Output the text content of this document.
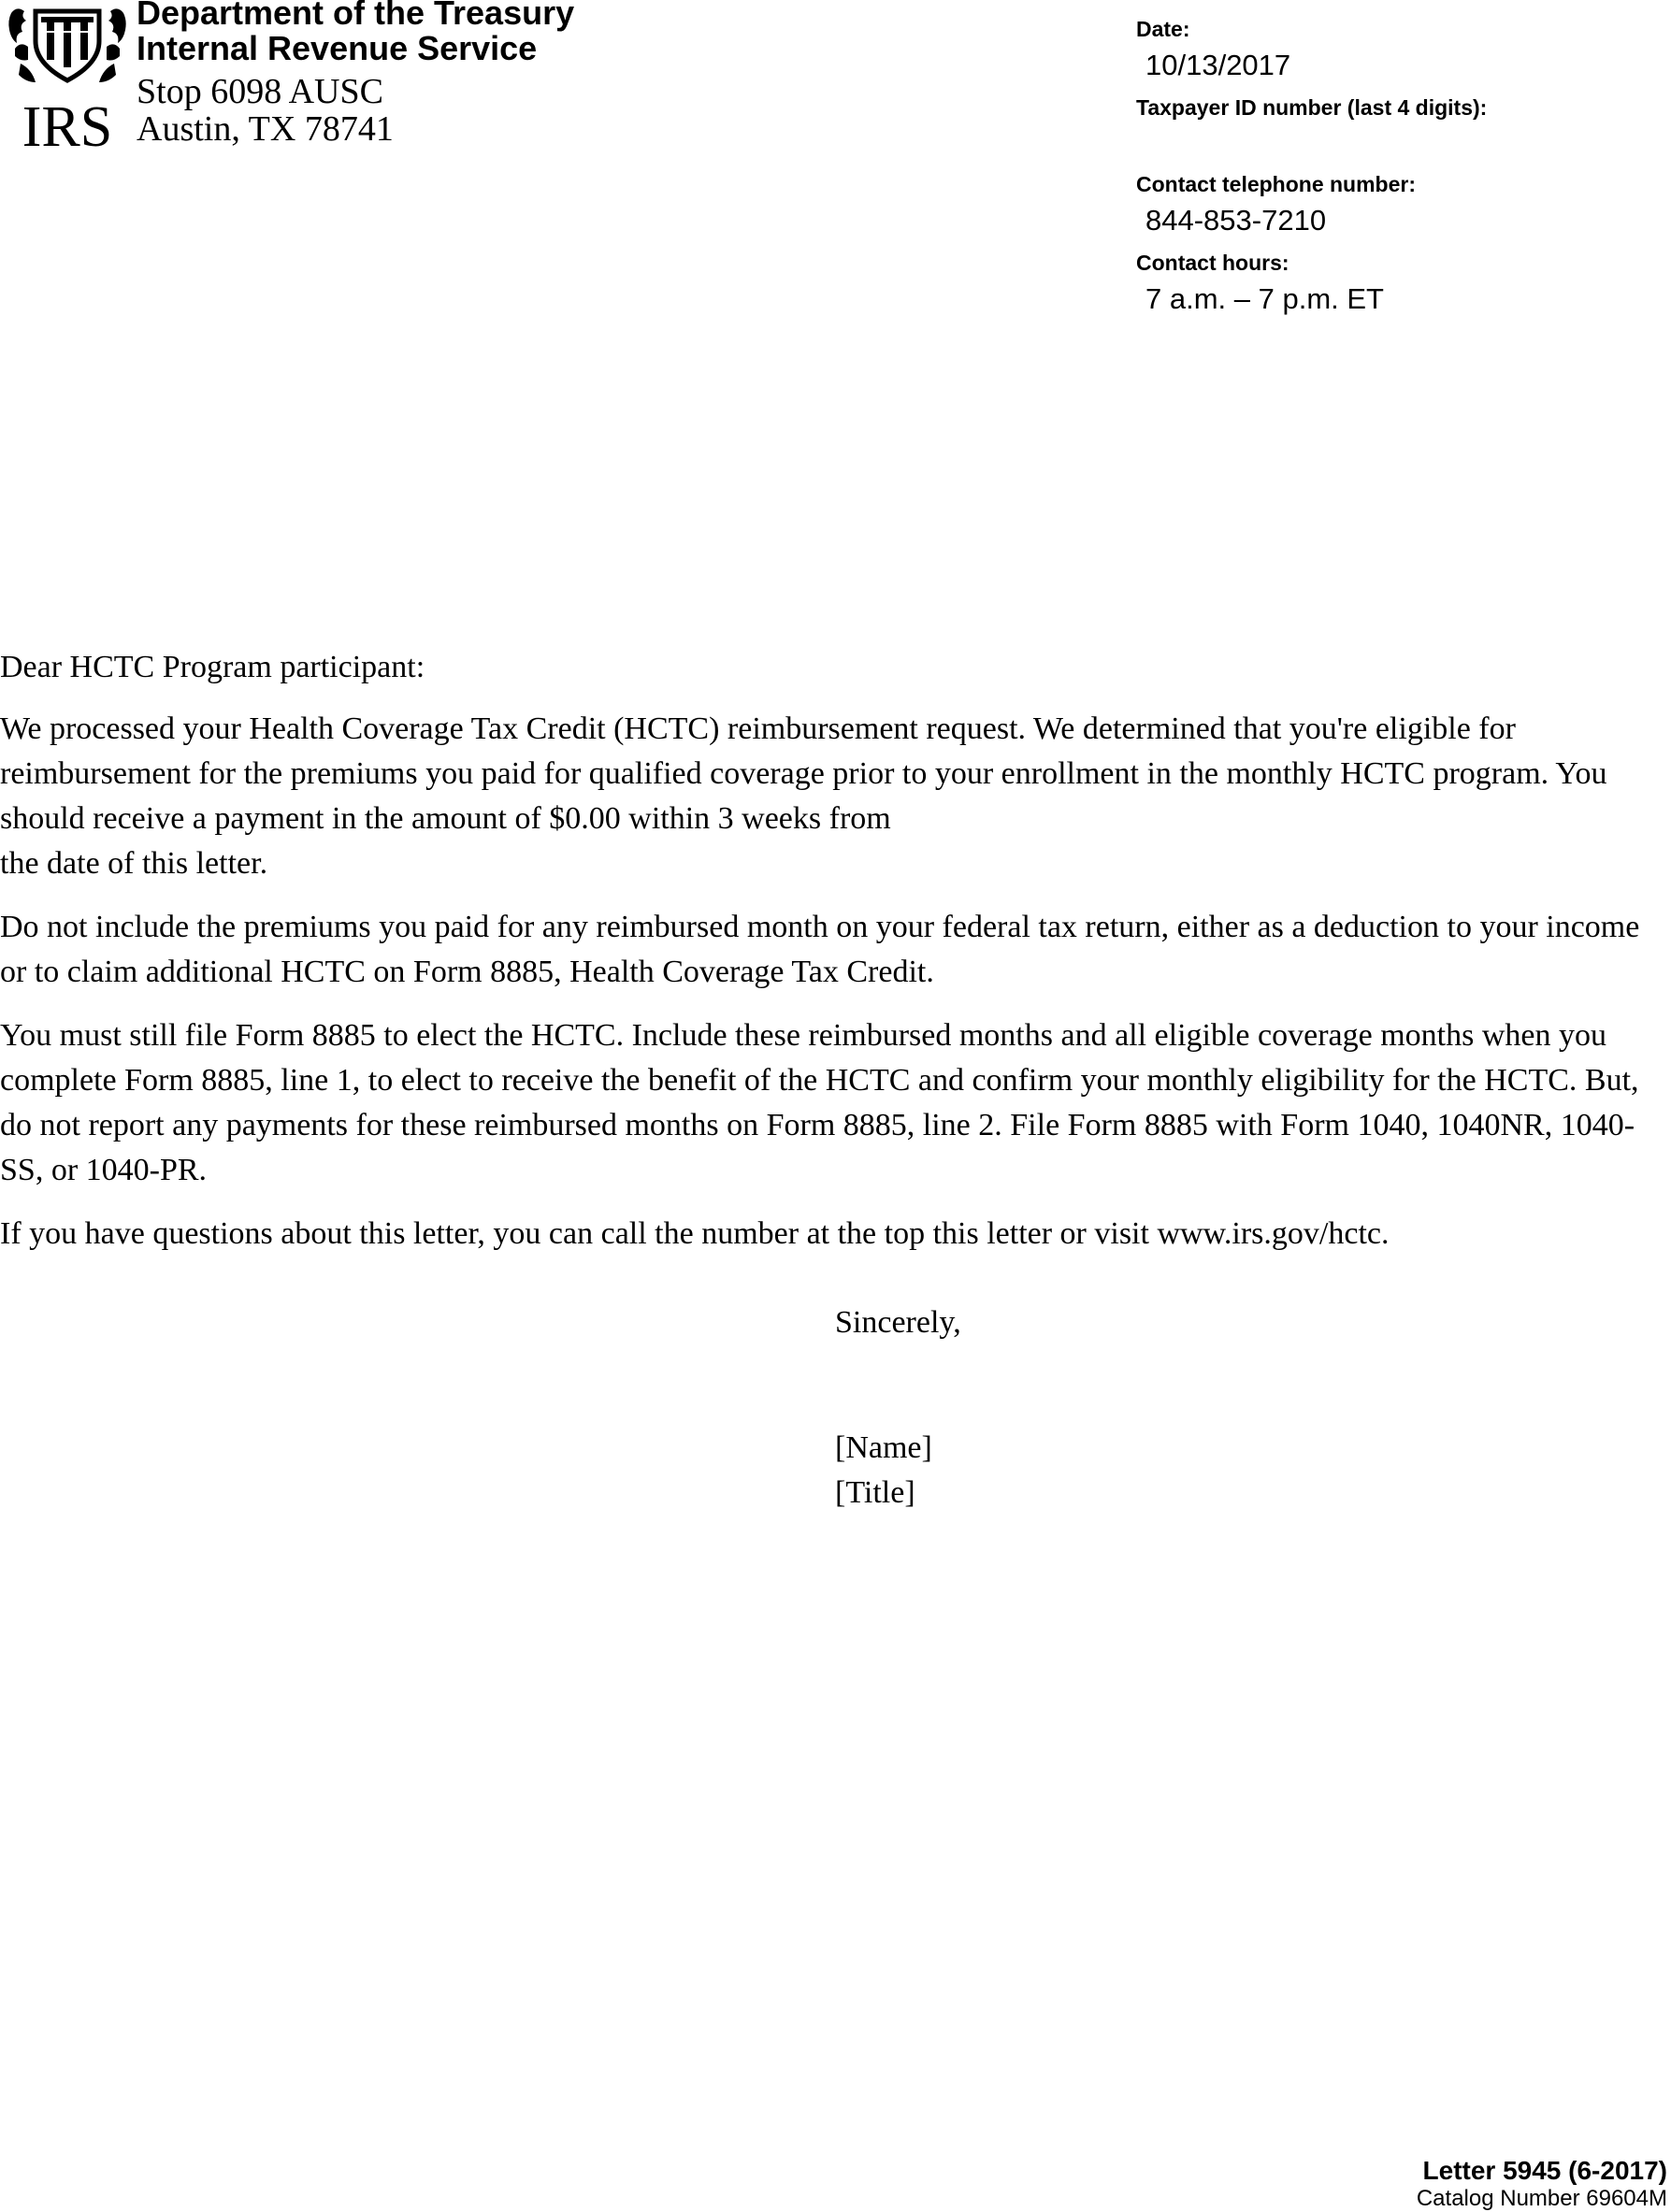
IRS
Department of the Treasury
Internal Revenue Service
Stop 6098 AUSC
Austin, TX 78741
Date:
10/13/2017
Taxpayer ID number (last 4 digits):
Contact telephone number:
844-853-7210
Contact hours:
7 a.m. – 7 p.m. ET

Dear HCTC Program participant:

We processed your Health Coverage Tax Credit (HCTC) reimbursement request. We determined that you're eligible for reimbursement for the premiums you paid for qualified coverage prior to your enrollment in the monthly HCTC program. You should receive a payment in the amount of $0.00 within 3 weeks from
the date of this letter.

Do not include the premiums you paid for any reimbursed month on your federal tax return, either as a deduction to your income or to claim additional HCTC on Form 8885, Health Coverage Tax Credit.

You must still file Form 8885 to elect the HCTC. Include these reimbursed months and all eligible coverage months when you complete Form 8885, line 1, to elect to receive the benefit of the HCTC and confirm your monthly eligibility for the HCTC. But, do not report any payments for these reimbursed months on Form 8885, line 2. File Form 8885 with Form 1040, 1040NR, 1040-SS, or 1040-PR.

If you have questions about this letter, you can call the number at the top this letter or visit www.irs.gov/hctc.

Sincerely,
[Name]
[Title]
Letter 5945 (6-2017)
Catalog Number 69604M
